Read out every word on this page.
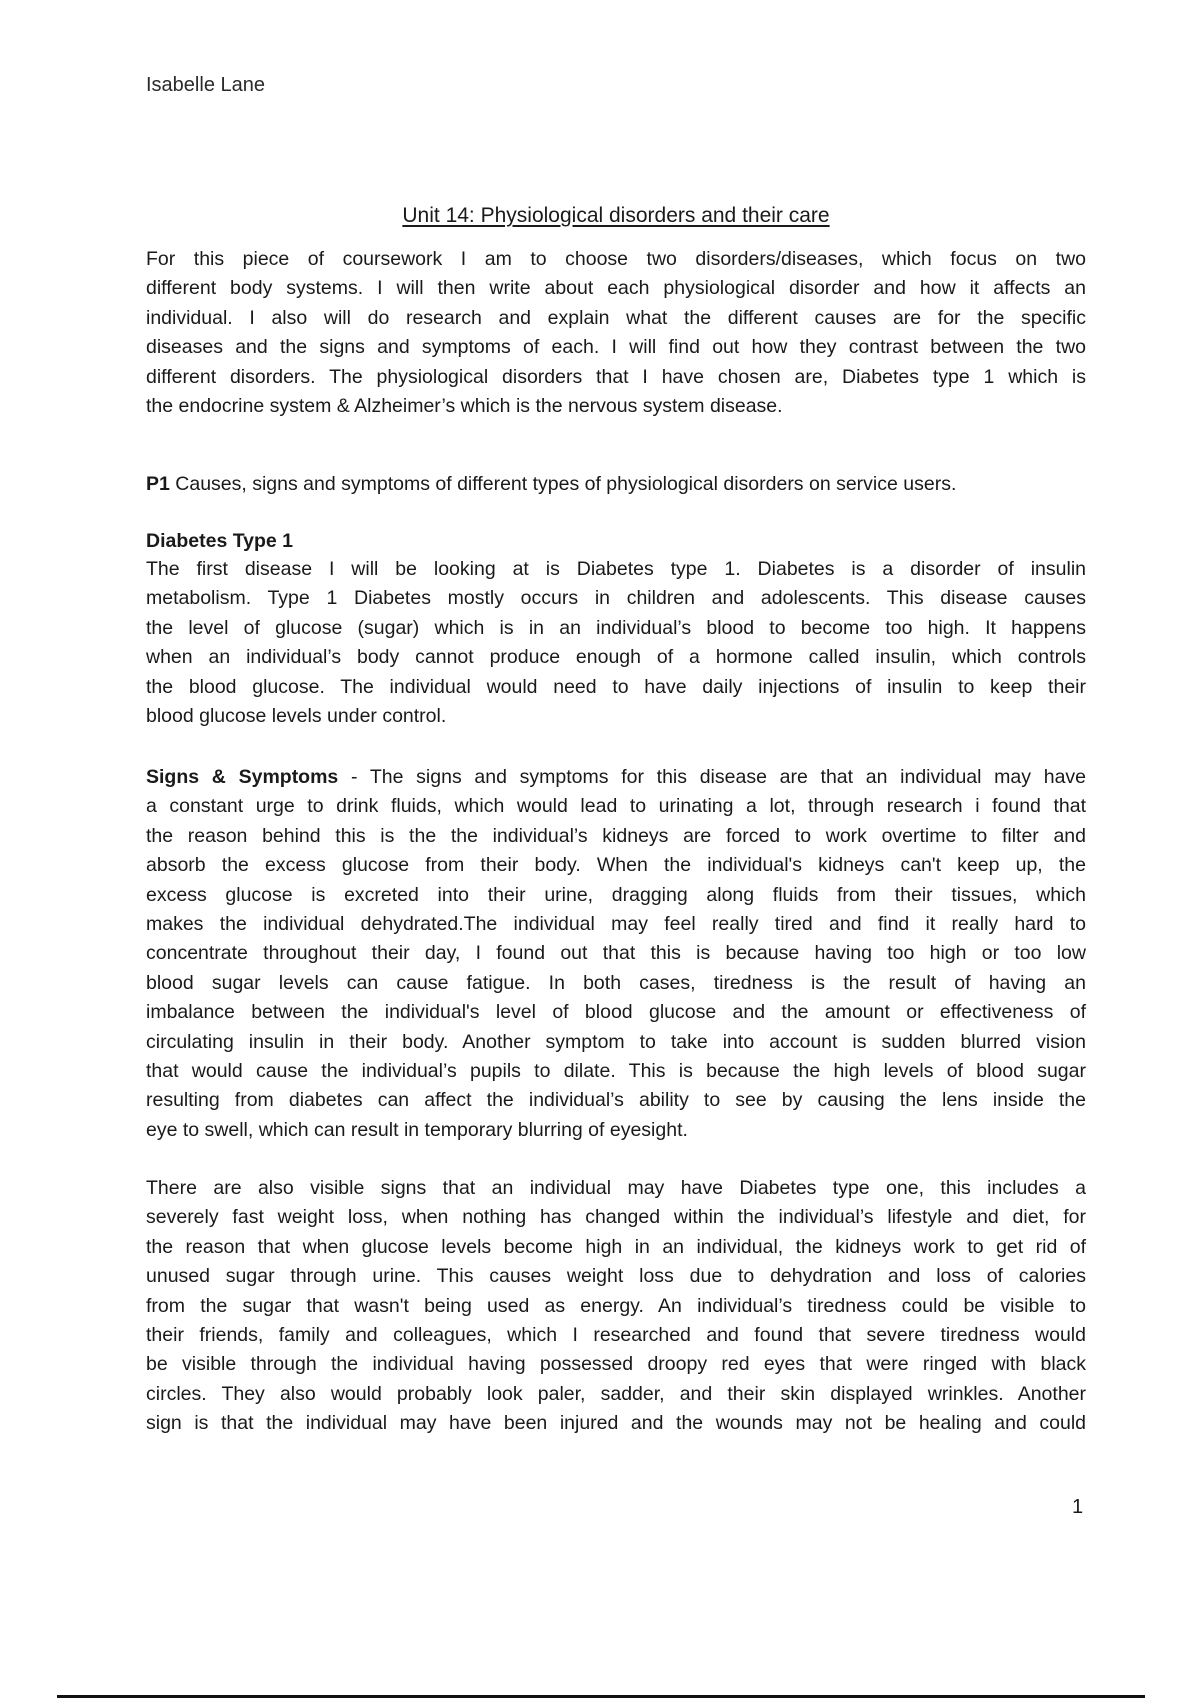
Isabelle Lane
Unit 14: Physiological disorders and their care
For this piece of coursework I am to choose two disorders/diseases, which focus on two
different body systems. I will then write about each physiological disorder and how it affects an
individual. I also will do research and explain what the different causes are for the specific
diseases and the signs and symptoms of each. I will find out how they contrast between the two
different disorders. The physiological disorders that I have chosen are, Diabetes type 1 which is
the endocrine system & Alzheimer’s which is the nervous system disease.
P1 Causes, signs and symptoms of different types of physiological disorders on service users.
Diabetes Type 1
The first disease I will be looking at is Diabetes type 1. Diabetes is a disorder of insulin
metabolism. Type 1 Diabetes mostly occurs in children and adolescents. This disease causes
the level of glucose (sugar) which is in an individual’s blood to become too high. It happens
when an individual’s body cannot produce enough of a hormone called insulin, which controls
the blood glucose. The individual would need to have daily injections of insulin to keep their
blood glucose levels under control.
Signs & Symptoms - The signs and symptoms for this disease are that an individual may have
a constant urge to drink fluids, which would lead to urinating a lot, through research i found that
the reason behind this is the the individual’s kidneys are forced to work overtime to filter and
absorb the excess glucose from their body. When the individual's kidneys can't keep up, the
excess glucose is excreted into their urine, dragging along fluids from their tissues, which
makes the individual dehydrated.The individual may feel really tired and find it really hard to
concentrate throughout their day, I found out that this is because having too high or too low
blood sugar levels can cause fatigue. In both cases, tiredness is the result of having an
imbalance between the individual's level of blood glucose and the amount or effectiveness of
circulating insulin in their body. Another symptom to take into account is sudden blurred vision
that would cause the individual’s pupils to dilate. This is because the high levels of blood sugar
resulting from diabetes can affect the individual’s ability to see by causing the lens inside the
eye to swell, which can result in temporary blurring of eyesight.
There are also visible signs that an individual may have Diabetes type one, this includes a
severely fast weight loss, when nothing has changed within the individual’s lifestyle and diet, for
the reason that when glucose levels become high in an individual, the kidneys work to get rid of
unused sugar through urine. This causes weight loss due to dehydration and loss of calories
from the sugar that wasn't being used as energy. An individual’s tiredness could be visible to
their friends, family and colleagues, which I researched and found that severe tiredness would
be visible through the individual having possessed droopy red eyes that were ringed with black
circles. They also would probably look paler, sadder, and their skin displayed wrinkles. Another
sign is that the individual may have been injured and the wounds may not be healing and could
1
